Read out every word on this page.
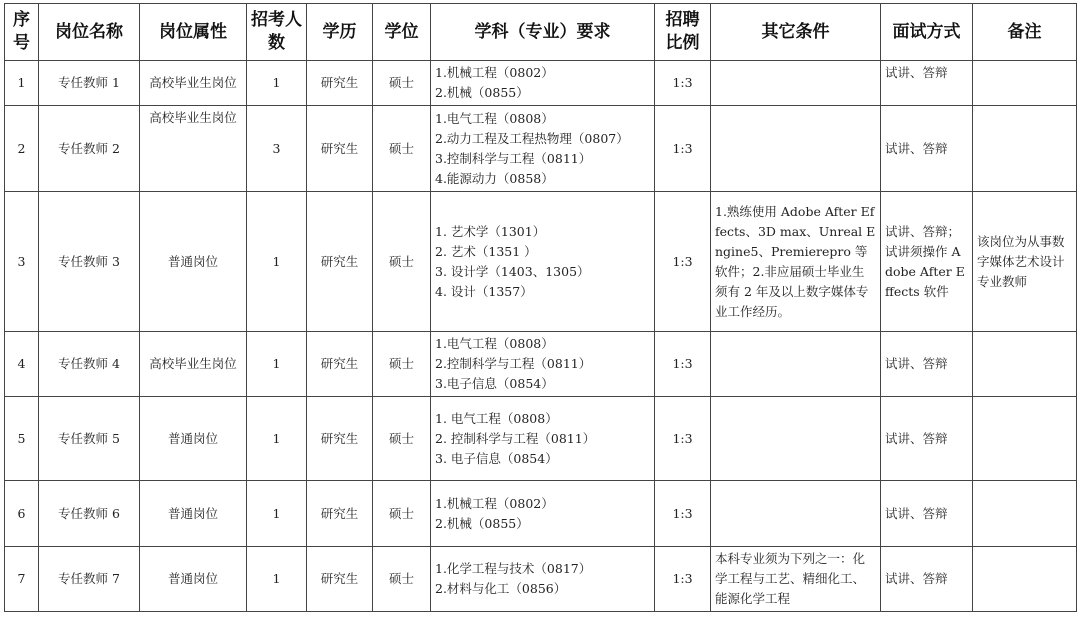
序号	岗位名称	岗位属性	招考人数	学历	学位	学科（专业）要求	招聘比例	其它条件	面试方式	备注
1	专任教师 1	高校毕业生岗位	1	研究生	硕士	1.机械工程（0802）
2.机械（0855）	1:3		试讲、答辩	
2	专任教师 2	高校毕业生岗位	3	研究生	硕士	1.电气工程（0808）
2.动力工程及工程热物理（0807）
3.控制科学与工程（0811）
4.能源动力（0858）	1:3		试讲、答辩	
3	专任教师 3	普通岗位	1	研究生	硕士	1. 艺术学（1301）
2. 艺术（1351 ）
3. 设计学（1403、1305）
4. 设计（1357）	1:3	1.熟练使用 Adobe After Effects、3D max、Unreal Engine5、Premierepro 等软件；2.非应届硕士毕业生须有 2 年及以上数字媒体专业工作经历。	试讲、答辩；试讲须操作 Adobe After Effects 软件	该岗位为从事数字媒体艺术设计专业教师

4	专任教师 4	高校毕业生岗位	1	研究生	硕士	1.电气工程（0808）
2.控制科学与工程（0811）
3.电子信息（0854）	1:3		试讲、答辩	
5	专任教师 5	普通岗位	1	研究生	硕士	1. 电气工程（0808）
2. 控制科学与工程（0811）
3. 电子信息（0854）	1:3		试讲、答辩	
6	专任教师 6	普通岗位	1	研究生	硕士	1.机械工程（0802）
2.机械（0855）	1:3		试讲、答辩	
7	专任教师 7	普通岗位	1	研究生	硕士	1.化学工程与技术（0817）
2.材料与化工（0856）	1:3	本科专业须为下列之一：化学工程与工艺、精细化工、能源化学工程	试讲、答辩	
